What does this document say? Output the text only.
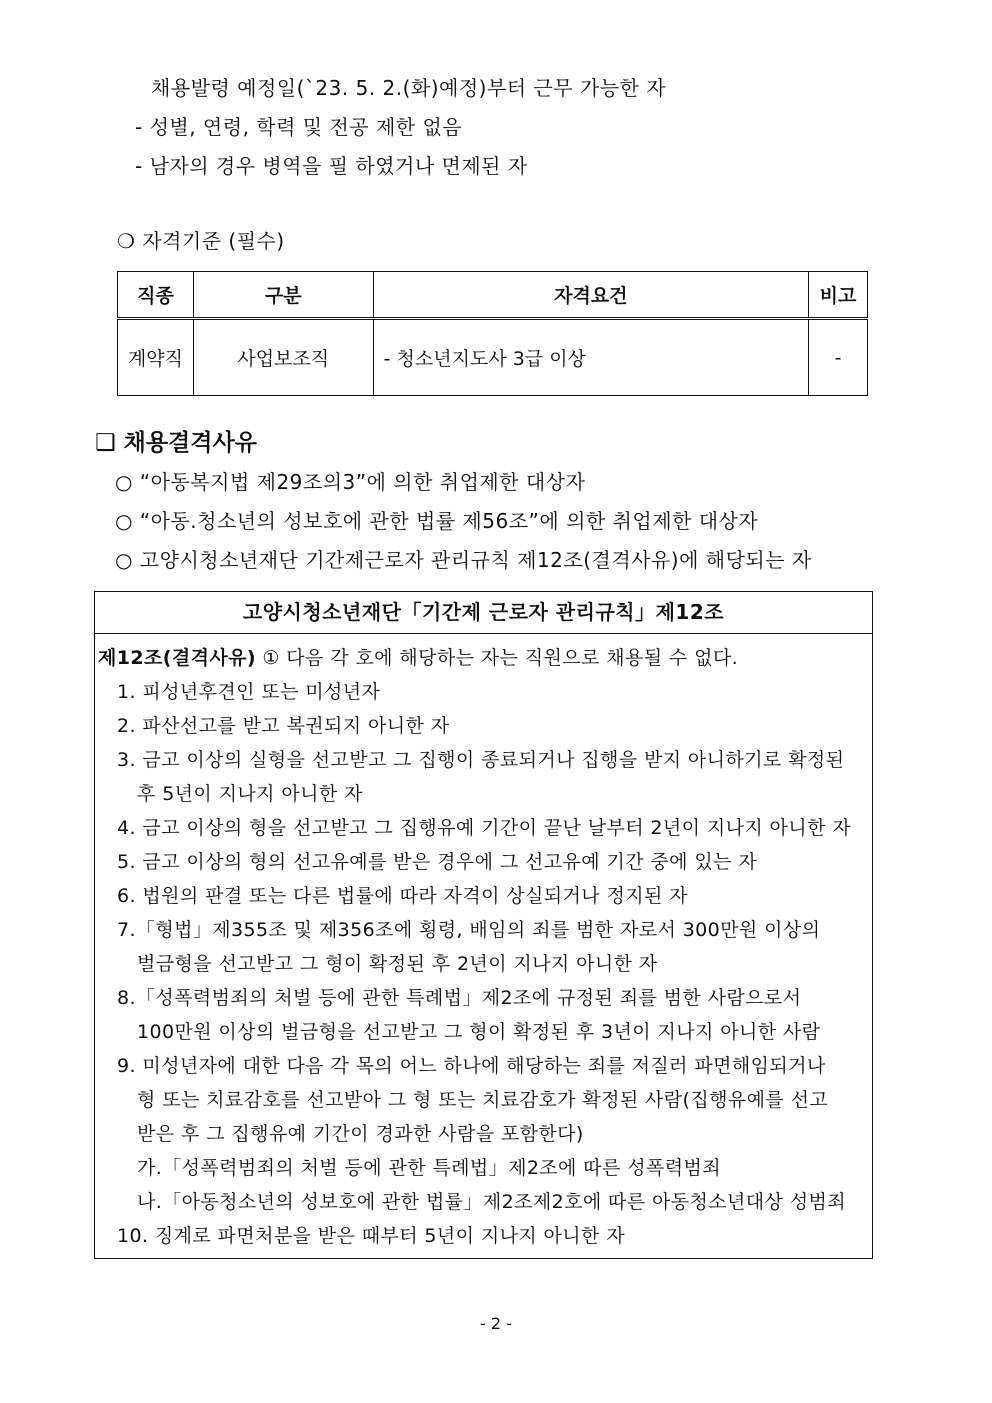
채용발령 예정일(`23. 5. 2.(화)예정)부터 근무 가능한 자
- 성별, 연령, 학력 및 전공 제한 없음
- 남자의 경우 병역을 필 하였거나 면제된 자
❍ 자격기준 (필수)
직종	구분	자격요건	비고
계약직	사업보조직	- 청소년지도사 3급 이상	-
❑ 채용결격사유
○ “아동복지법 제29조의3”에 의한 취업제한 대상자
○ “아동.청소년의 성보호에 관한 법률 제56조”에 의한 취업제한 대상자
○ 고양시청소년재단 기간제근로자 관리규칙 제12조(결격사유)에 해당되는 자
고양시청소년재단「기간제 근로자 관리규칙」제12조
제12조(결격사유) ① 다음 각 호에 해당하는 자는 직원으로 채용될 수 없다.
1. 피성년후견인 또는 미성년자
2. 파산선고를 받고 복권되지 아니한 자
3. 금고 이상의 실형을 선고받고 그 집행이 종료되거나 집행을 받지 아니하기로 확정된
후 5년이 지나지 아니한 자
4. 금고 이상의 형을 선고받고 그 집행유예 기간이 끝난 날부터 2년이 지나지 아니한 자
5. 금고 이상의 형의 선고유예를 받은 경우에 그 선고유예 기간 중에 있는 자
6. 법원의 판결 또는 다른 법률에 따라 자격이 상실되거나 정지된 자
7.「형법」제355조 및 제356조에 횡령, 배임의 죄를 범한 자로서 300만원 이상의
벌금형을 선고받고 그 형이 확정된 후 2년이 지나지 아니한 자
8.「성폭력범죄의 처벌 등에 관한 특례법」제2조에 규정된 죄를 범한 사람으로서
100만원 이상의 벌금형을 선고받고 그 형이 확정된 후 3년이 지나지 아니한 사람
9. 미성년자에 대한 다음 각 목의 어느 하나에 해당하는 죄를 저질러 파면해임되거나
형 또는 치료감호를 선고받아 그 형 또는 치료감호가 확정된 사람(집행유예를 선고
받은 후 그 집행유예 기간이 경과한 사람을 포함한다)
가.「성폭력범죄의 처벌 등에 관한 특례법」제2조에 따른 성폭력범죄
나.「아동청소년의 성보호에 관한 법률」제2조제2호에 따른 아동청소년대상 성범죄
10. 징계로 파면처분을 받은 때부터 5년이 지나지 아니한 자
- 2 -
